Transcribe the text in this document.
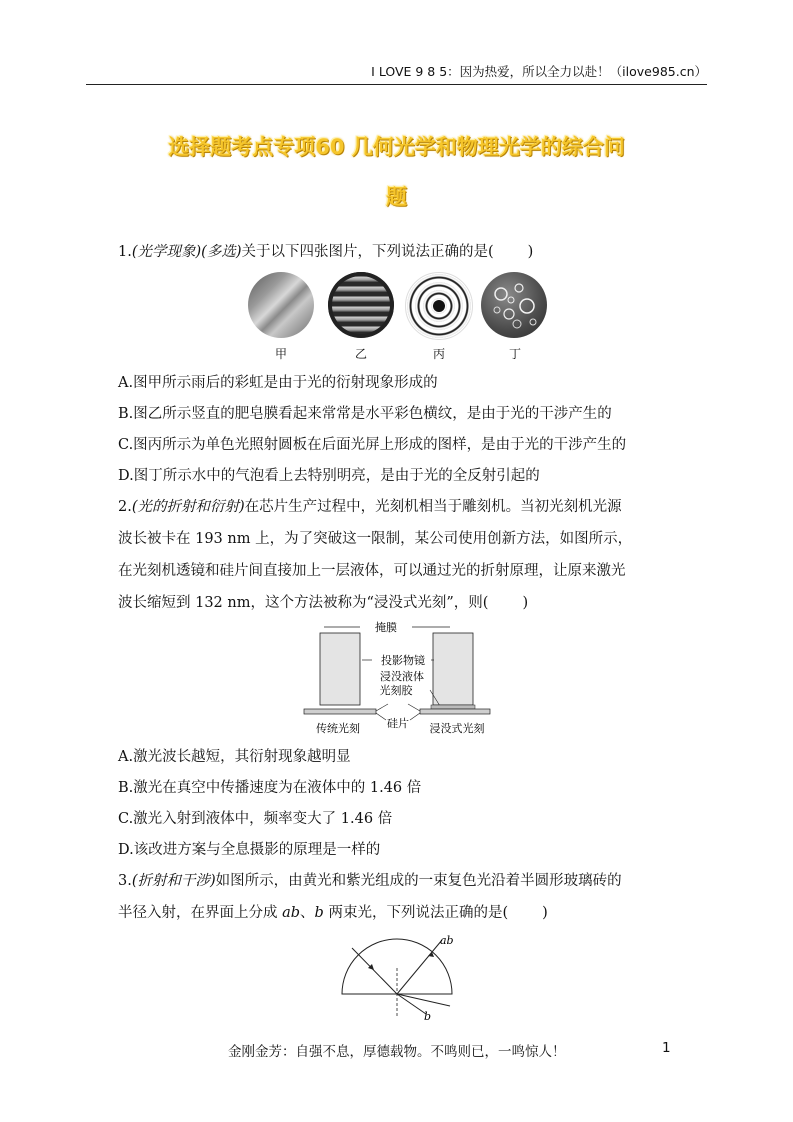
I LOVE 9 8 5：因为热爱，所以全力以赴！（ilove985.cn）
选择题考点专项60 几何光学和物理光学的综合问
题
1.(光学现象)(多选)关于以下四张图片，下列说法正确的是( )
甲	乙	丙	丁
A.图甲所示雨后的彩虹是由于光的衍射现象形成的
B.图乙所示竖直的肥皂膜看起来常常是水平彩色横纹，是由于光的干涉产生的
C.图丙所示为单色光照射圆板在后面光屏上形成的图样，是由于光的干涉产生的
D.图丁所示水中的气泡看上去特别明亮，是由于光的全反射引起的
2.(光的折射和衍射)在芯片生产过程中，光刻机相当于雕刻机。当初光刻机光源
波长被卡在 193 nm 上，为了突破这一限制，某公司使用创新方法，如图所示，
在光刻机透镜和硅片间直接加上一层液体，可以通过光的折射原理，让原来激光
波长缩短到 132 nm，这个方法被称为“浸没式光刻”，则( )
掩膜
投影物镜
浸没液体
光刻胶
硅片
传统光刻	浸没式光刻
A.激光波长越短，其衍射现象越明显
B.激光在真空中传播速度为在液体中的 1.46 倍
C.激光入射到液体中，频率变大了 1.46 倍
D.该改进方案与全息摄影的原理是一样的
3.(折射和干涉)如图所示，由黄光和紫光组成的一束复色光沿着半圆形玻璃砖的
半径入射，在界面上分成 ab、b 两束光，下列说法正确的是( )
ab
b
金刚金芳：自强不息，厚德载物。不鸣则已，一鸣惊人！	1
